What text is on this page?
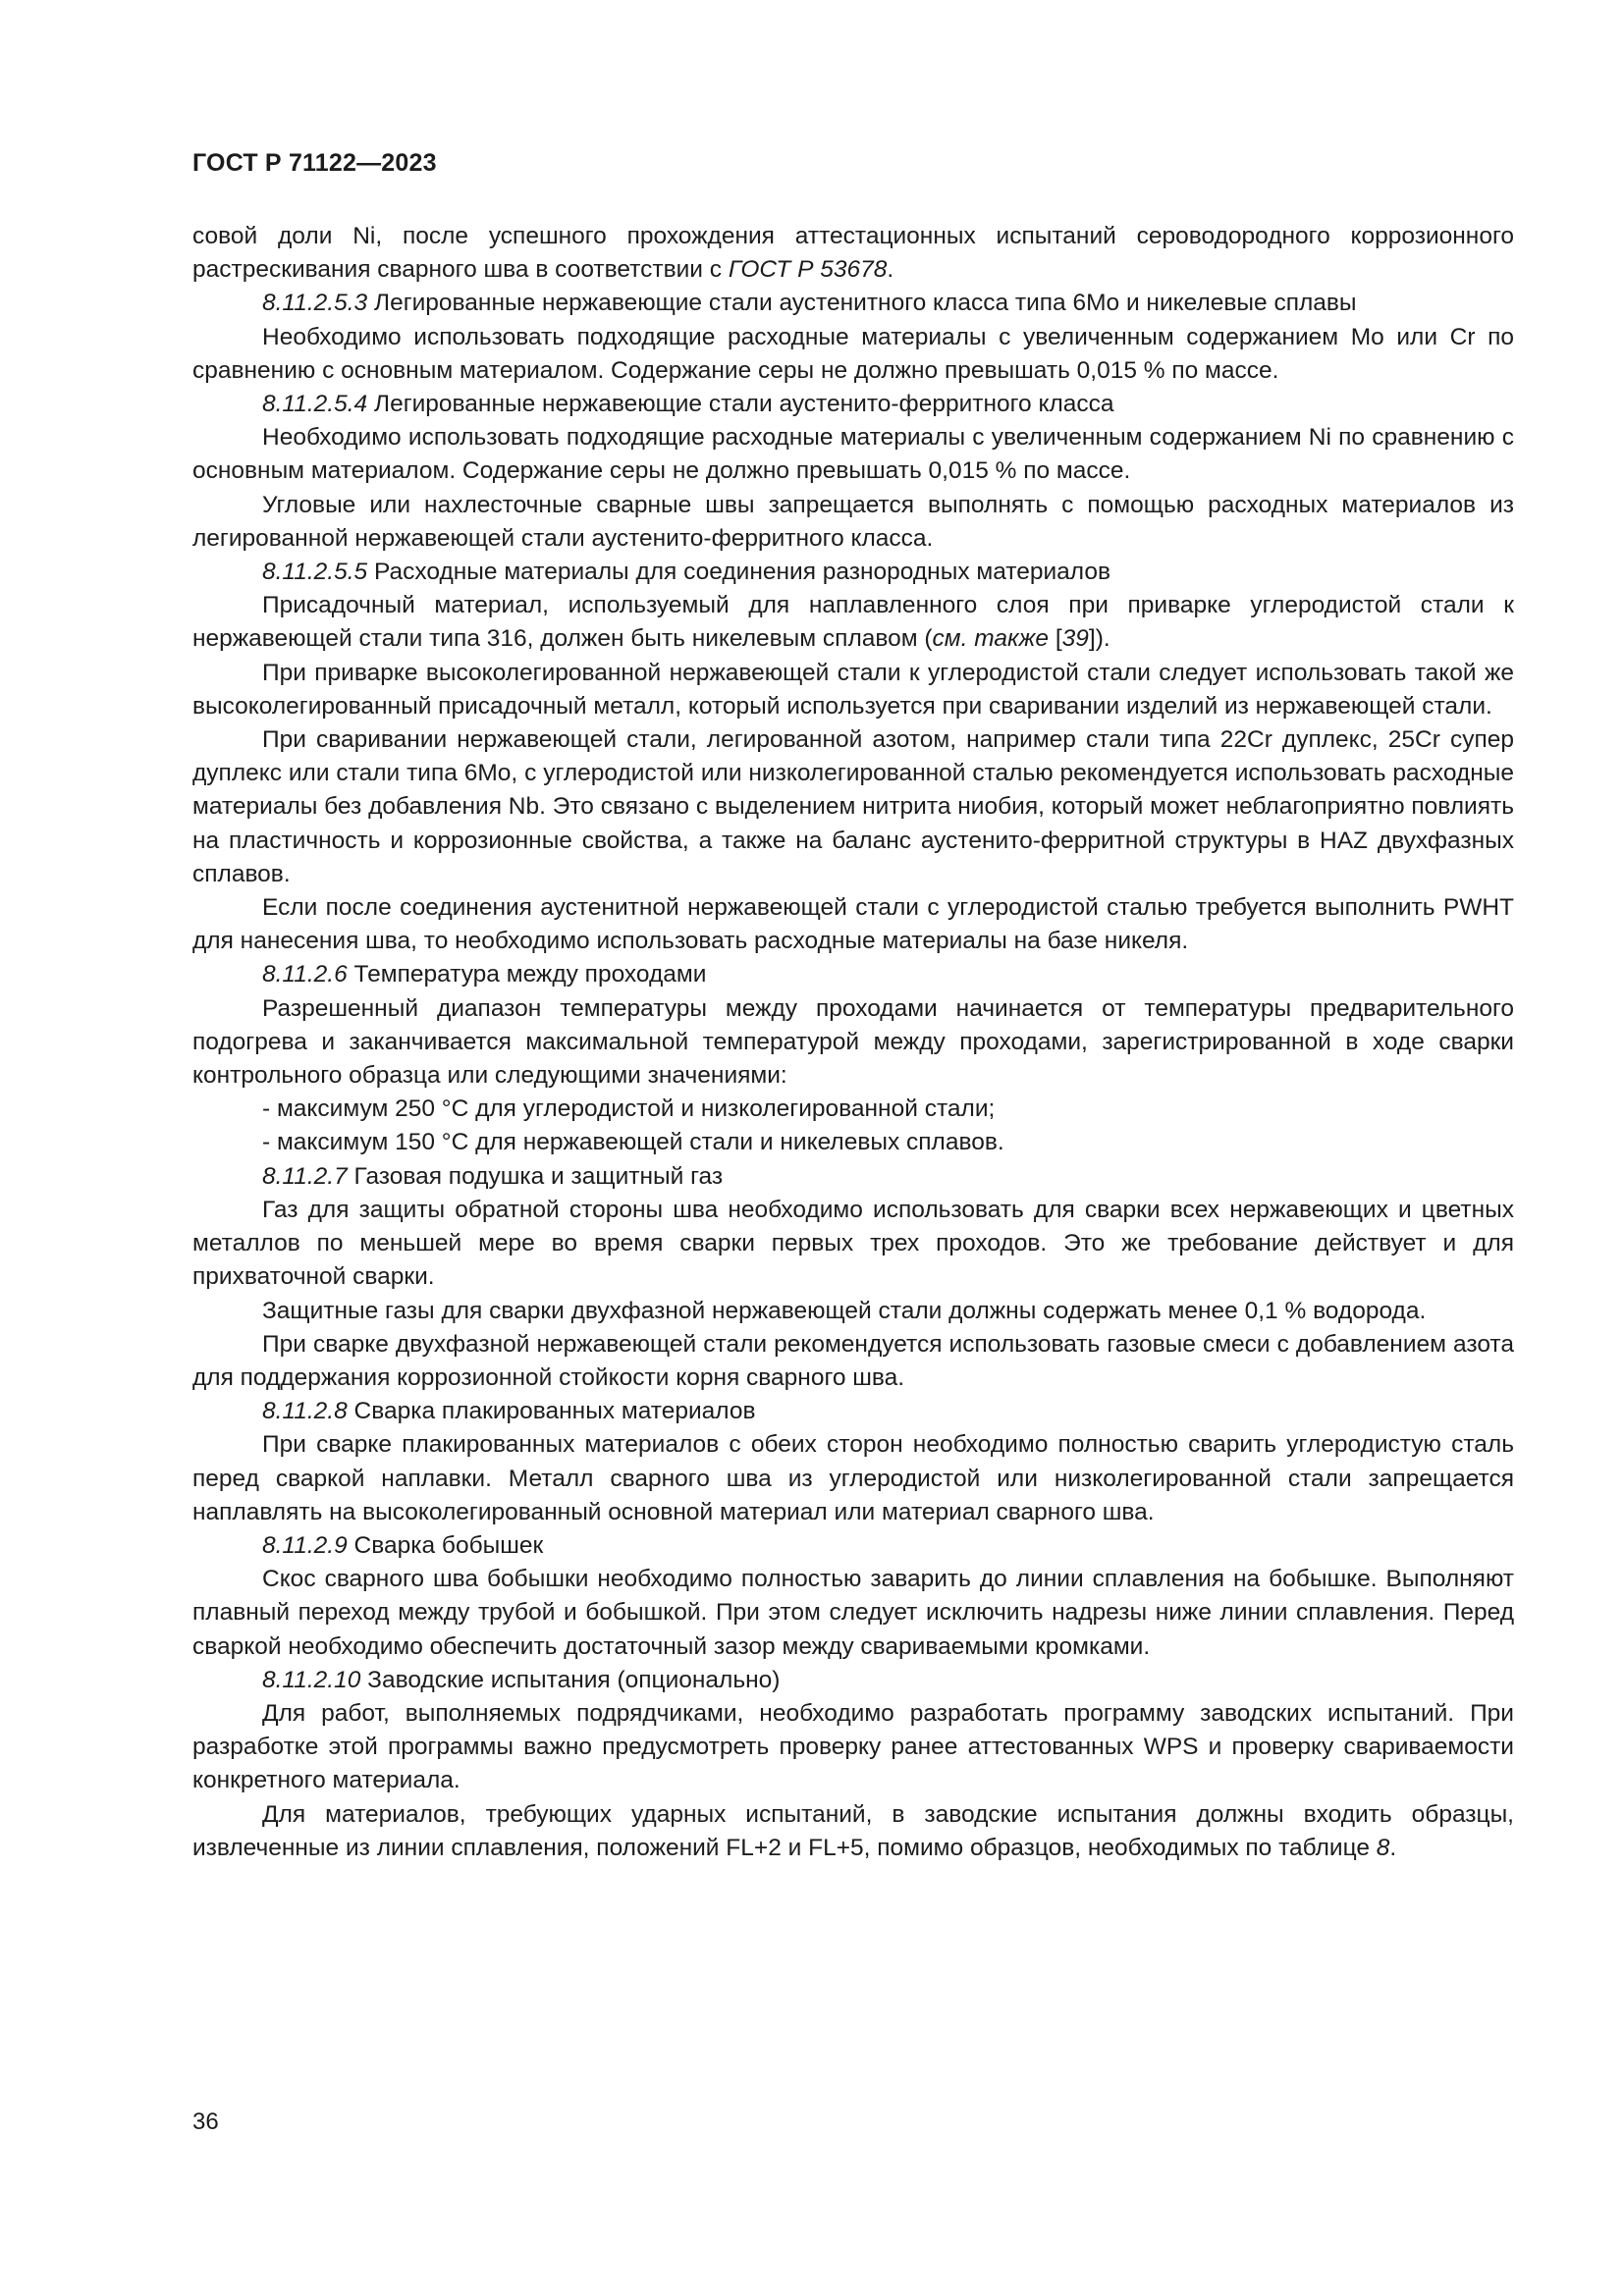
ГОСТ Р 71122—2023

совой доли Ni, после успешного прохождения аттестационных испытаний сероводородного коррозионного растрескивания сварного шва в соответствии с ГОСТ Р 53678.

8.11.2.5.3 Легированные нержавеющие стали аустенитного класса типа 6Mo и никелевые сплавы

Необходимо использовать подходящие расходные материалы с увеличенным содержанием Mo или Cr по сравнению с основным материалом. Содержание серы не должно превышать 0,015 % по массе.

8.11.2.5.4 Легированные нержавеющие стали аустенито-ферритного класса

Необходимо использовать подходящие расходные материалы с увеличенным содержанием Ni по сравнению с основным материалом. Содержание серы не должно превышать 0,015 % по массе.

Угловые или нахлесточные сварные швы запрещается выполнять с помощью расходных материалов из легированной нержавеющей стали аустенито-ферритного класса.

8.11.2.5.5 Расходные материалы для соединения разнородных материалов

Присадочный материал, используемый для наплавленного слоя при приварке углеродистой стали к нержавеющей стали типа 316, должен быть никелевым сплавом (см. также [39]).

При приварке высоколегированной нержавеющей стали к углеродистой стали следует использовать такой же высоколегированный присадочный металл, который используется при сваривании изделий из нержавеющей стали.

При сваривании нержавеющей стали, легированной азотом, например стали типа 22Cr дуплекс, 25Cr супер дуплекс или стали типа 6Mo, с углеродистой или низколегированной сталью рекомендуется использовать расходные материалы без добавления Nb. Это связано с выделением нитрита ниобия, который может неблагоприятно повлиять на пластичность и коррозионные свойства, а также на баланс аустенито-ферритной структуры в HAZ двухфазных сплавов.

Если после соединения аустенитной нержавеющей стали с углеродистой сталью требуется выполнить PWHT для нанесения шва, то необходимо использовать расходные материалы на базе никеля.

8.11.2.6 Температура между проходами

Разрешенный диапазон температуры между проходами начинается от температуры предварительного подогрева и заканчивается максимальной температурой между проходами, зарегистрированной в ходе сварки контрольного образца или следующими значениями:

- максимум 250 °С для углеродистой и низколегированной стали;

- максимум 150 °С для нержавеющей стали и никелевых сплавов.

8.11.2.7 Газовая подушка и защитный газ

Газ для защиты обратной стороны шва необходимо использовать для сварки всех нержавеющих и цветных металлов по меньшей мере во время сварки первых трех проходов. Это же требование действует и для прихваточной сварки.

Защитные газы для сварки двухфазной нержавеющей стали должны содержать менее 0,1 % водорода.

При сварке двухфазной нержавеющей стали рекомендуется использовать газовые смеси с добавлением азота для поддержания коррозионной стойкости корня сварного шва.

8.11.2.8 Сварка плакированных материалов

При сварке плакированных материалов с обеих сторон необходимо полностью сварить углеродистую сталь перед сваркой наплавки. Металл сварного шва из углеродистой или низколегированной стали запрещается наплавлять на высоколегированный основной материал или материал сварного шва.

8.11.2.9 Сварка бобышек

Скос сварного шва бобышки необходимо полностью заварить до линии сплавления на бобышке. Выполняют плавный переход между трубой и бобышкой. При этом следует исключить надрезы ниже линии сплавления. Перед сваркой необходимо обеспечить достаточный зазор между свариваемыми кромками.

8.11.2.10 Заводские испытания (опционально)

Для работ, выполняемых подрядчиками, необходимо разработать программу заводских испытаний. При разработке этой программы важно предусмотреть проверку ранее аттестованных WPS и проверку свариваемости конкретного материала.

Для материалов, требующих ударных испытаний, в заводские испытания должны входить образцы, извлеченные из линии сплавления, положений FL+2 и FL+5, помимо образцов, необходимых по таблице 8.

36
